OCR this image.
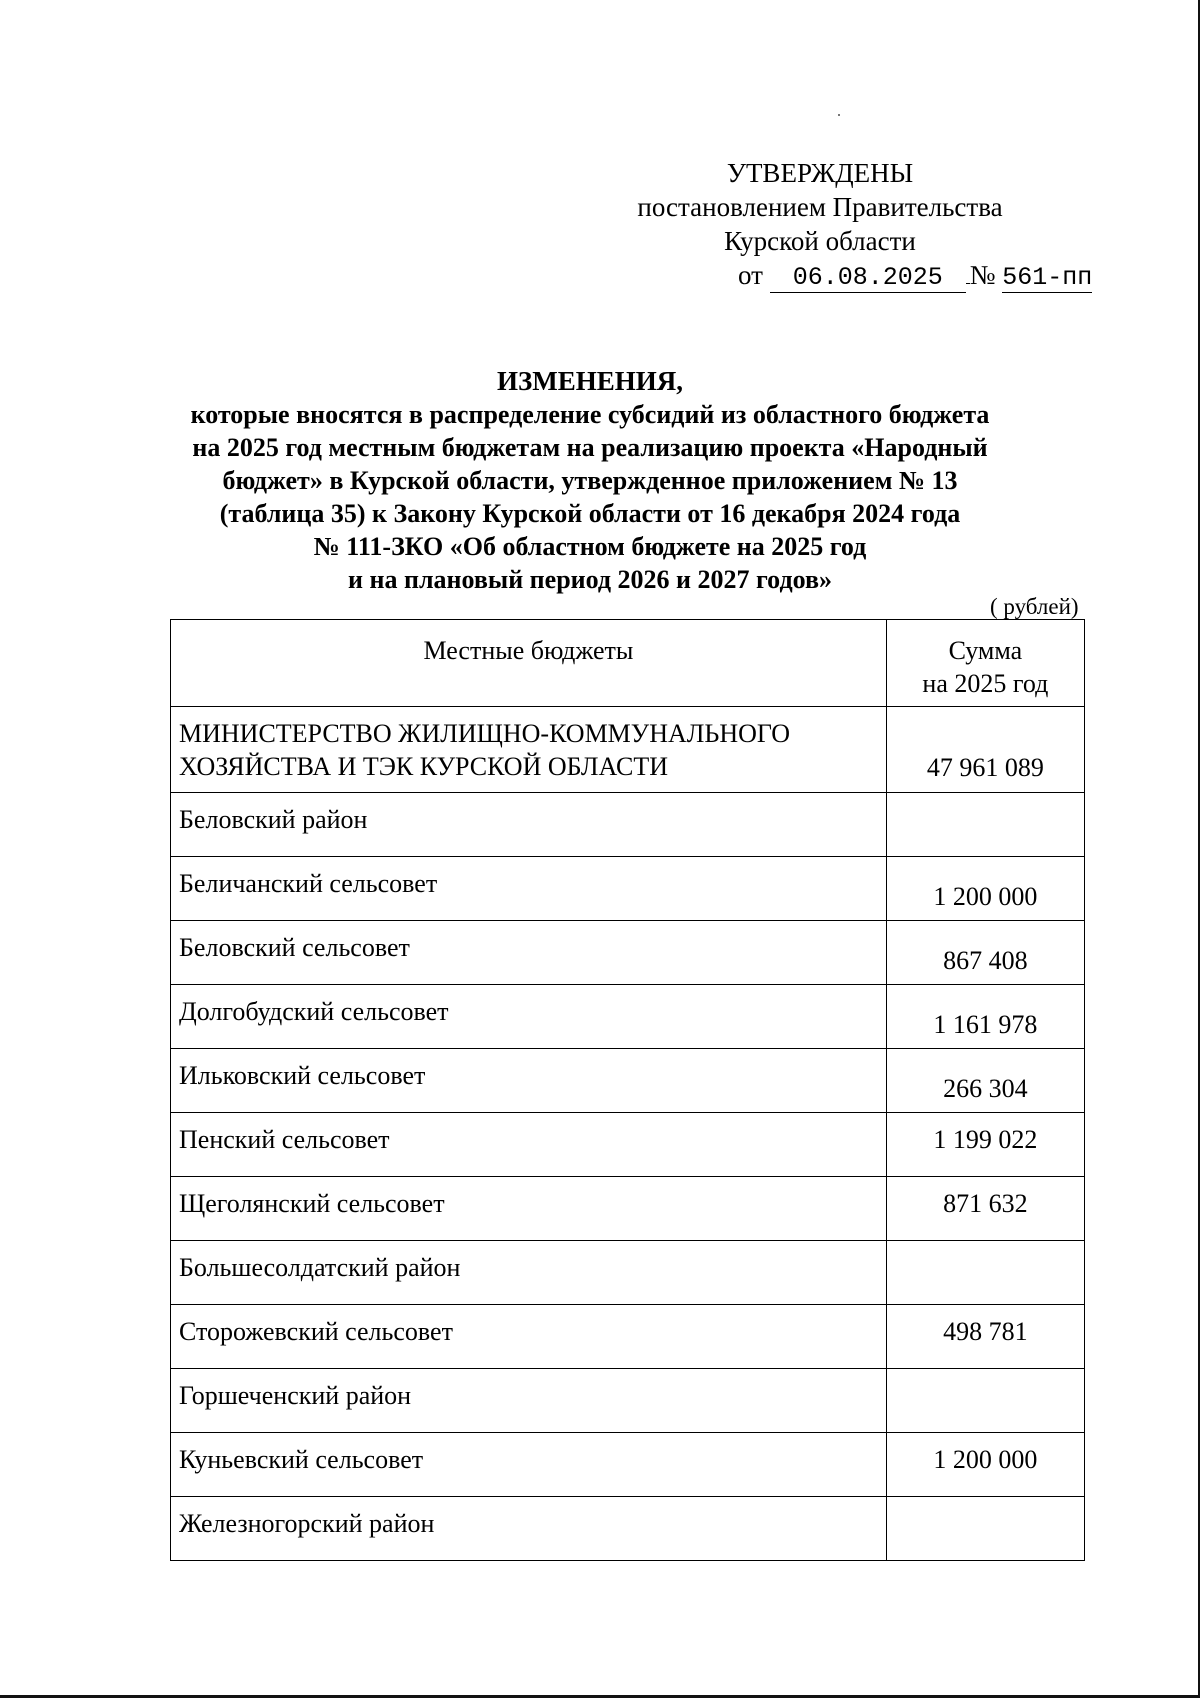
УТВЕРЖДЕНЫ
постановлением Правительства
Курской области
от 06.08.2025 № 561-пп
ИЗМЕНЕНИЯ,
которые вносятся в распределение субсидий из областного бюджета
на 2025 год местным бюджетам на реализацию проекта «Народный
бюджет» в Курской области, утвержденное приложением № 13
(таблица 35) к Закону Курской области от 16 декабря 2024 года
№ 111-ЗКО «Об областном бюджете на 2025 год
и на плановый период 2026 и 2027 годов»
( рублей)
Местные бюджеты	Сумма
на 2025 год

МИНИСТЕРСТВО ЖИЛИЩНО-КОММУНАЛЬНОГО
ХОЗЯЙСТВА И ТЭК КУРСКОЙ ОБЛАСТИ	47 961 089
Беловский район	
Беличанский сельсовет	1 200 000
Беловский сельсовет	867 408
Долгобудский сельсовет	1 161 978
Ильковский сельсовет	266 304
Пенский сельсовет	1 199 022
Щеголянский сельсовет	871 632
Большесолдатский район	
Сторожевский сельсовет	498 781
Горшеченский район	
Куньевский сельсовет	1 200 000
Железногорский район	
